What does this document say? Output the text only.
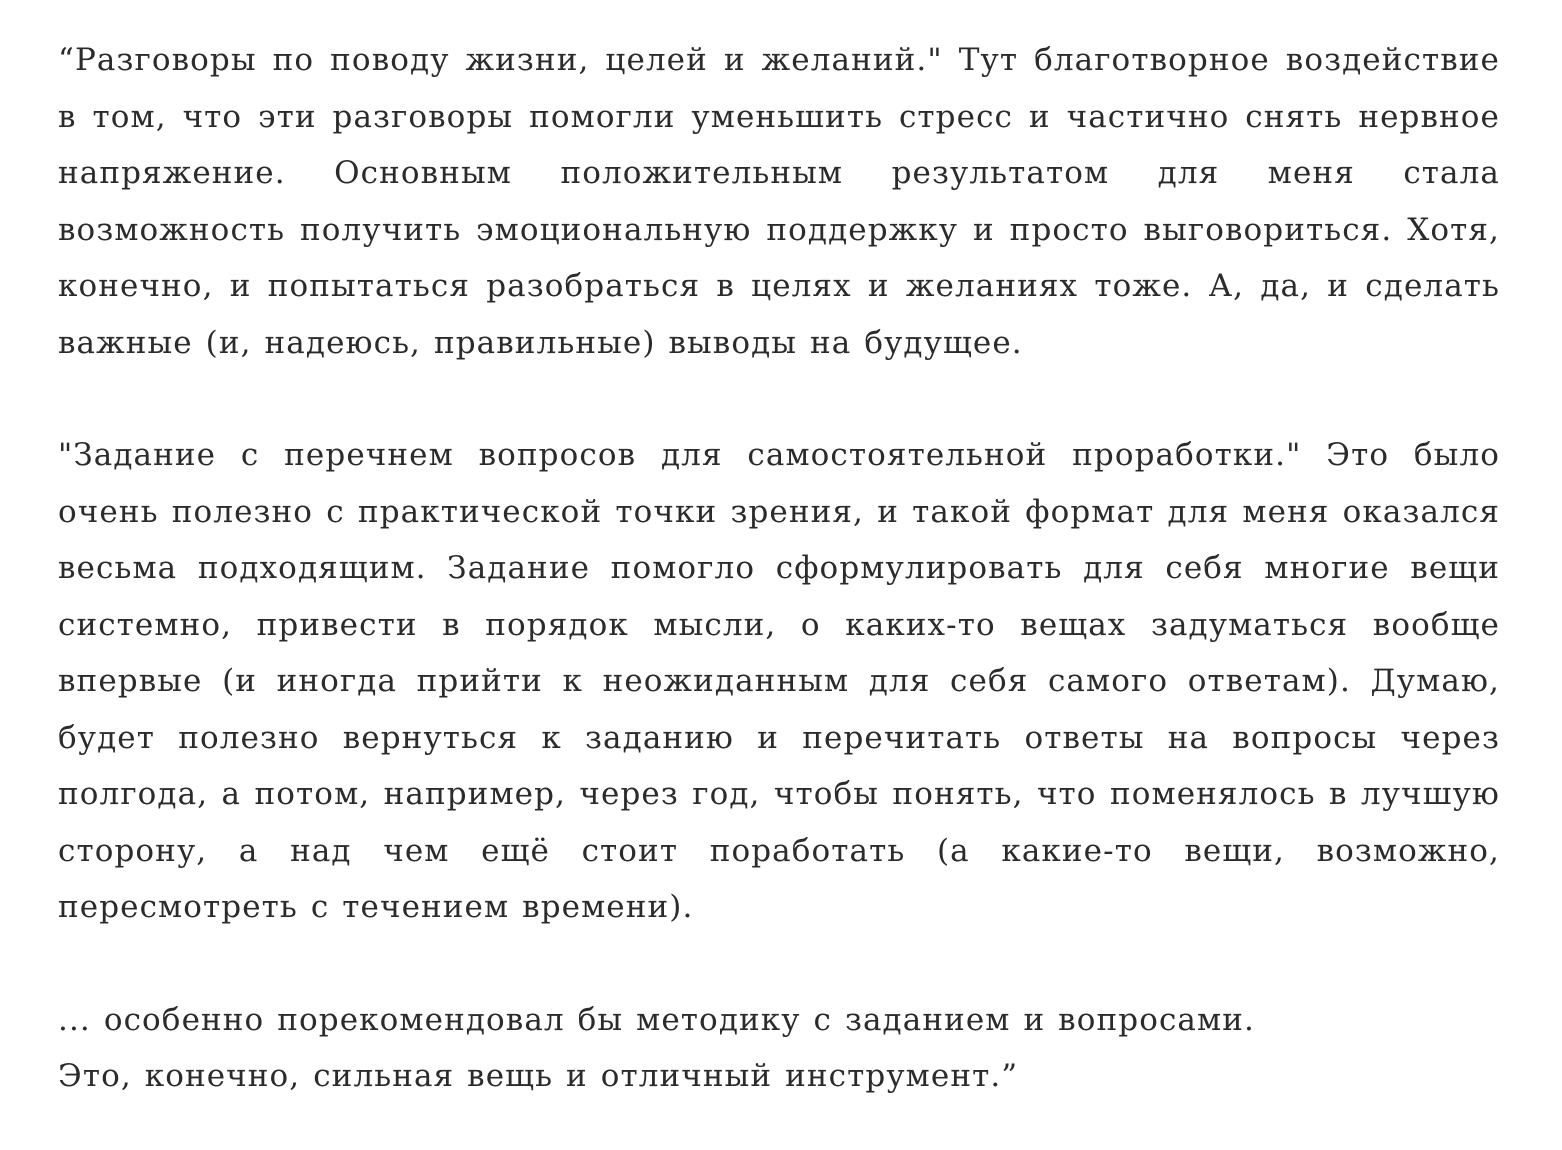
“Разговоры по поводу жизни, целей и желаний." Тут благотворное воздействие в том, что эти разговоры помогли уменьшить стресс и частично снять нервное напряжение. Основным положительным результатом для меня стала возможность получить эмоциональную поддержку и просто выговориться. Хотя, конечно, и попытаться разобраться в целях и желаниях тоже. А, да, и сделать важные (и, надеюсь, правильные) выводы на будущее.

"Задание с перечнем вопросов для самостоятельной проработки." Это было очень полезно с практической точки зрения, и такой формат для меня оказался весьма подходящим. Задание помогло сформулировать для себя многие вещи системно, привести в порядок мысли, о каких-то вещах задуматься вообще впервые (и иногда прийти к неожиданным для себя самого ответам). Думаю, будет полезно вернуться к заданию и перечитать ответы на вопросы через полгода, а потом, например, через год, чтобы понять, что поменялось в лучшую сторону, а над чем ещё стоит поработать (а какие-то вещи, возможно, пересмотреть с течением времени).

... особенно порекомендовал бы методику с заданием и вопросами.
Это, конечно, сильная вещь и отличный инструмент.”
